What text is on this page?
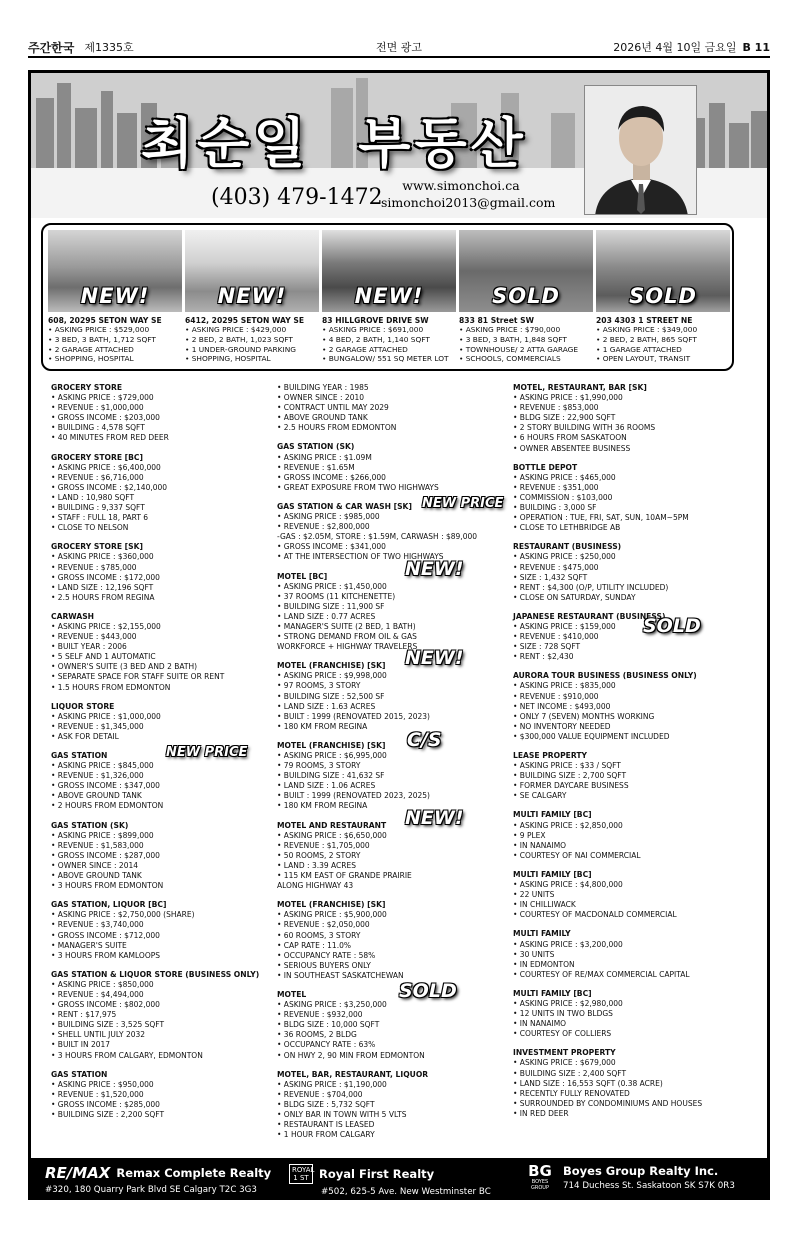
주간한국 제1335호	전면 광고	2026년 4월 10일 금요일 B 11
최순일 부동산
(403) 479-1472	www.simonchoi.ca
simonchoi2013@gmail.com
NEW!
608, 20295 SETON WAY SE
• ASKING PRICE : $529,000
• 3 BED, 3 BATH, 1,712 SQFT
• 2 GARAGE ATTACHED
• SHOPPING, HOSPITAL
NEW!
6412, 20295 SETON WAY SE
• ASKING PRICE : $429,000
• 2 BED, 2 BATH, 1,023 SQFT
• 1 UNDER-GROUND PARKING
• SHOPPING, HOSPITAL
NEW!
83 HILLGROVE DRIVE SW
• ASKING PRICE : $691,000
• 4 BED, 2 BATH, 1,140 SQFT
• 2 GARAGE ATTACHED
• BUNGALOW/ 551 SQ METER LOT
SOLD
833 81 Street SW
• ASKING PRICE : $790,000
• 3 BED, 3 BATH, 1,848 SQFT
• TOWNHOUSE/ 2 ATTA GARAGE
• SCHOOLS, COMMERCIALS
SOLD
203 4303 1 STREET NE
• ASKING PRICE : $349,000
• 2 BED, 2 BATH, 865 SQFT
• 1 GARAGE ATTACHED
• OPEN LAYOUT, TRANSIT
GROCERY STORE
• ASKING PRICE : $729,000
• REVENUE : $1,000,000
• GROSS INCOME : $203,000
• BUILDING : 4,578 SQFT
• 40 MINUTES FROM RED DEER
GROCERY STORE [BC]
• ASKING PRICE : $6,400,000
• REVENUE : $6,716,000
• GROSS INCOME : $2,140,000
• LAND : 10,980 SQFT
• BUILDING : 9,337 SQFT
• STAFF : FULL 18, PART 6
• CLOSE TO NELSON
GROCERY STORE [SK]
• ASKING PRICE : $360,000
• REVENUE : $785,000
• GROSS INCOME : $172,000
• LAND SIZE : 12,196 SQFT
• 2.5 HOURS FROM REGINA
CARWASH
• ASKING PRICE : $2,155,000
• REVENUE : $443,000
• BUILT YEAR : 2006
• 5 SELF AND 1 AUTOMATIC
• OWNER'S SUITE (3 BED AND 2 BATH)
• SEPARATE SPACE FOR STAFF SUITE OR RENT
• 1.5 HOURS FROM EDMONTON
LIQUOR STORE
• ASKING PRICE : $1,000,000
• REVENUE : $1,345,000
• ASK FOR DETAIL
GAS STATION
• ASKING PRICE : $845,000
• REVENUE : $1,326,000
• GROSS INCOME : $347,000
• ABOVE GROUND TANK
• 2 HOURS FROM EDMONTON
NEW PRICE
GAS STATION (SK)
• ASKING PRICE : $899,000
• REVENUE : $1,583,000
• GROSS INCOME : $287,000
• OWNER SINCE : 2014
• ABOVE GROUND TANK
• 3 HOURS FROM EDMONTON
GAS STATION, LIQUOR [BC]
• ASKING PRICE : $2,750,000 (SHARE)
• REVENUE : $3,740,000
• GROSS INCOME : $712,000
• MANAGER'S SUITE
• 3 HOURS FROM KAMLOOPS
GAS STATION & LIQUOR STORE (BUSINESS ONLY)
• ASKING PRICE : $850,000
• REVENUE : $4,494,000
• GROSS INCOME : $802,000
• RENT : $17,975
• BUILDING SIZE : 3,525 SQFT
• SHELL UNTIL JULY 2032
• BUILT IN 2017
• 3 HOURS FROM CALGARY, EDMONTON
GAS STATION
• ASKING PRICE : $950,000
• REVENUE : $1,520,000
• GROSS INCOME : $285,000
• BUILDING SIZE : 2,200 SQFT
• BUILDING YEAR : 1985
• OWNER SINCE : 2010
• CONTRACT UNTIL MAY 2029
• ABOVE GROUND TANK
• 2.5 HOURS FROM EDMONTON
GAS STATION (SK)
• ASKING PRICE : $1.09M
• REVENUE : $1.65M
• GROSS INCOME : $266,000
• GREAT EXPOSURE FROM TWO HIGHWAYS
GAS STATION & CAR WASH [SK]
• ASKING PRICE : $985,000
• REVENUE : $2,800,000
-GAS : $2.05M, STORE : $1.59M, CARWASH : $89,000
• GROSS INCOME : $341,000
• AT THE INTERSECTION OF TWO HIGHWAYS
NEW PRICE
MOTEL [BC]
• ASKING PRICE : $1,450,000
• 37 ROOMS (11 KITCHENETTE)
• BUILDING SIZE : 11,900 SF
• LAND SIZE : 0.77 ACRES
• MANAGER'S SUITE (2 BED, 1 BATH)
• STRONG DEMAND FROM OIL & GAS
WORKFORCE + HIGHWAY TRAVELERS
NEW!
MOTEL (FRANCHISE) [SK]
• ASKING PRICE : $9,998,000
• 97 ROOMS, 3 STORY
• BUILDING SIZE : 52,500 SF
• LAND SIZE : 1.63 ACRES
• BUILT : 1999 (RENOVATED 2015, 2023)
• 180 KM FROM REGINA
NEW!
MOTEL (FRANCHISE) [SK]
• ASKING PRICE : $6,995,000
• 79 ROOMS, 3 STORY
• BUILDING SIZE : 41,632 SF
• LAND SIZE : 1.06 ACRES
• BUILT : 1999 (RENOVATED 2023, 2025)
• 180 KM FROM REGINA
C/S
MOTEL AND RESTAURANT
• ASKING PRICE : $6,650,000
• REVENUE : $1,705,000
• 50 ROOMS, 2 STORY
• LAND : 3.39 ACRES
• 115 KM EAST OF GRANDE PRAIRIE
ALONG HIGHWAY 43
NEW!
MOTEL (FRANCHISE) [SK]
• ASKING PRICE : $5,900,000
• REVENUE : $2,050,000
• 60 ROOMS, 3 STORY
• CAP RATE : 11.0%
• OCCUPANCY RATE : 58%
• SERIOUS BUYERS ONLY
• IN SOUTHEAST SASKATCHEWAN
MOTEL
• ASKING PRICE : $3,250,000
• REVENUE : $932,000
• BLDG SIZE : 10,000 SQFT
• 36 ROOMS, 2 BLDG
• OCCUPANCY RATE : 63%
• ON HWY 2, 90 MIN FROM EDMONTON
SOLD
MOTEL, BAR, RESTAURANT, LIQUOR
• ASKING PRICE : $1,190,000
• REVENUE : $704,000
• BLDG SIZE : 5,732 SQFT
• ONLY BAR IN TOWN WITH 5 VLTS
• RESTAURANT IS LEASED
• 1 HOUR FROM CALGARY
MOTEL, RESTAURANT, BAR [SK]
• ASKING PRICE : $1,990,000
• REVENUE : $853,000
• BLDG SIZE : 22,900 SQFT
• 2 STORY BUILDING WITH 36 ROOMS
• 6 HOURS FROM SASKATOON
• OWNER ABSENTEE BUSINESS
BOTTLE DEPOT
• ASKING PRICE : $465,000
• REVENUE : $351,000
• COMMISSION : $103,000
• BUILDING : 3,000 SF
• OPERATION : TUE, FRI, SAT, SUN, 10AM~5PM
• CLOSE TO LETHBRIDGE AB
RESTAURANT (BUSINESS)
• ASKING PRICE : $250,000
• REVENUE : $475,000
• SIZE : 1,432 SQFT
• RENT : $4,300 (O/P, UTILITY INCLUDED)
• CLOSE ON SATURDAY, SUNDAY
JAPANESE RESTAURANT (BUSINESS)
• ASKING PRICE : $159,000
• REVENUE : $410,000
• SIZE : 728 SQFT
• RENT : $2,430
SOLD
AURORA TOUR BUSINESS (BUSINESS ONLY)
• ASKING PRICE : $835,000
• REVENUE : $910,000
• NET INCOME : $493,000
• ONLY 7 (SEVEN) MONTHS WORKING
• NO INVENTORY NEEDED
• $300,000 VALUE EQUIPMENT INCLUDED
LEASE PROPERTY
• ASKING PRICE : $33 / SQFT
• BUILDING SIZE : 2,700 SQFT
• FORMER DAYCARE BUSINESS
• SE CALGARY
MULTI FAMILY [BC]
• ASKING PRICE : $2,850,000
• 9 PLEX
• IN NANAIMO
• COURTESY OF NAI COMMERCIAL
MULTI FAMILY [BC]
• ASKING PRICE : $4,800,000
• 22 UNITS
• IN CHILLIWACK
• COURTESY OF MACDONALD COMMERCIAL
MULTI FAMILY
• ASKING PRICE : $3,200,000
• 30 UNITS
• IN EDMONTON
• COURTESY OF RE/MAX COMMERCIAL CAPITAL
MULTI FAMILY [BC]
• ASKING PRICE : $2,980,000
• 12 UNITS IN TWO BLDGS
• IN NANAIMO
• COURTESY OF COLLIERS
INVESTMENT PROPERTY
• ASKING PRICE : $679,000
• BUILDING SIZE : 2,400 SQFT
• LAND SIZE : 16,553 SQFT (0.38 ACRE)
• RECENTLY FULLY RENOVATED
• SURROUNDED BY CONDOMINIUMS AND HOUSES
• IN RED DEER
RE/MAX Remax Complete Realty
#320, 180 Quarry Park Blvd SE Calgary T2C 3G3
ROYAL 1 ST Royal First Realty
#502, 625-5 Ave. New Westminster BC
BG
BOYES GROUP
Boyes Group Realty Inc.
714 Duchess St. Saskatoon SK S7K 0R3
